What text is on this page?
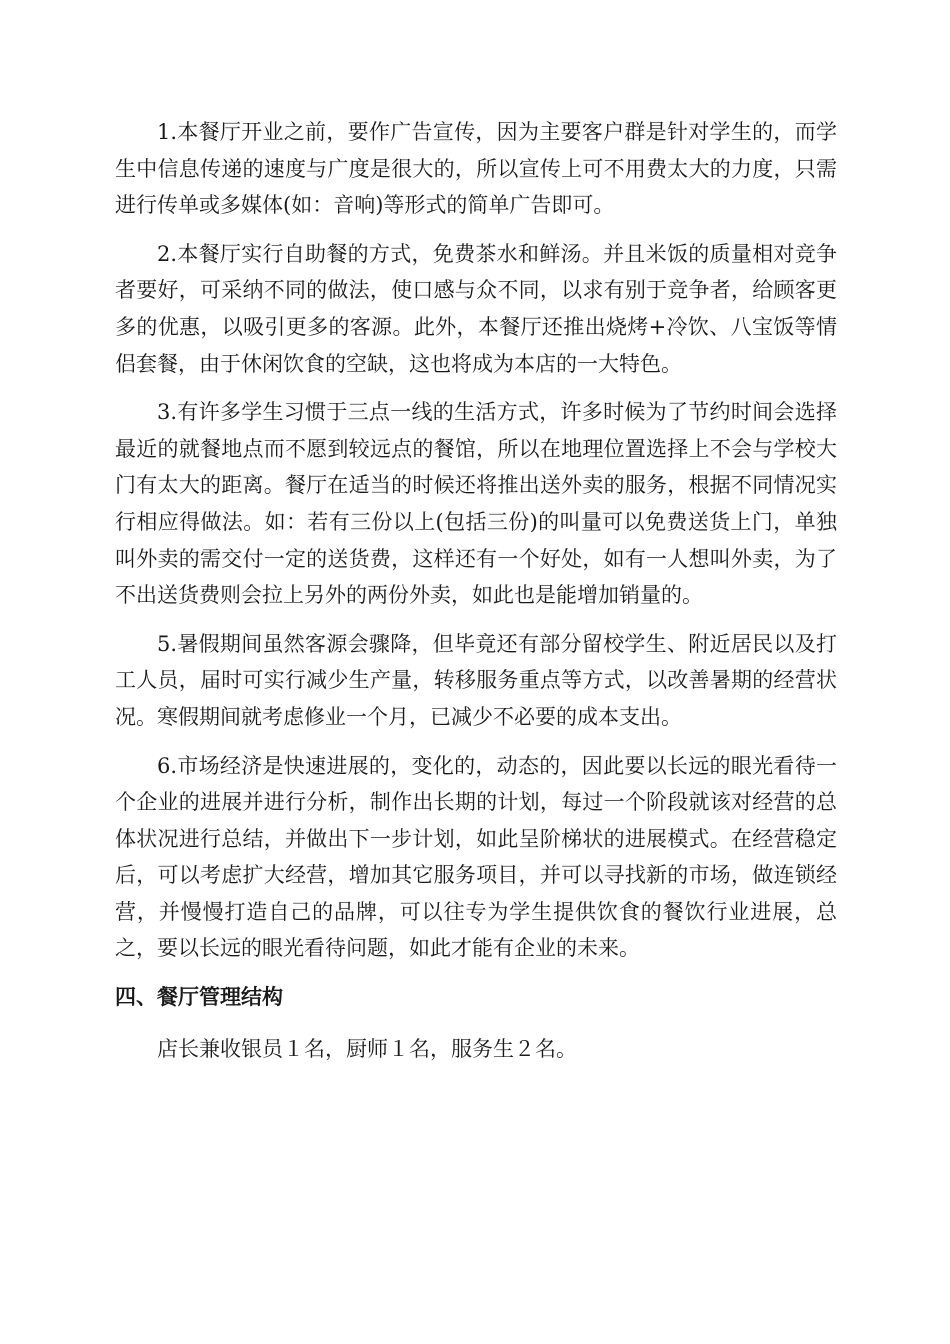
1.本餐厅开业之前，要作广告宣传，因为主要客户群是针对学生的，而学生中信息传递的速度与广度是很大的，所以宣传上可不用费太大的力度，只需进行传单或多媒体(如：音响)等形式的简单广告即可。

2.本餐厅实行自助餐的方式，免费茶水和鲜汤。并且米饭的质量相对竞争者要好，可采纳不同的做法，使口感与众不同，以求有别于竞争者，给顾客更多的优惠，以吸引更多的客源。此外，本餐厅还推出烧烤+冷饮、八宝饭等情侣套餐，由于休闲饮食的空缺，这也将成为本店的一大特色。

3.有许多学生习惯于三点一线的生活方式，许多时候为了节约时间会选择最近的就餐地点而不愿到较远点的餐馆，所以在地理位置选择上不会与学校大门有太大的距离。餐厅在适当的时候还将推出送外卖的服务，根据不同情况实行相应得做法。如：若有三份以上(包括三份)的叫量可以免费送货上门，单独叫外卖的需交付一定的送货费，这样还有一个好处，如有一人想叫外卖，为了不出送货费则会拉上另外的两份外卖，如此也是能增加销量的。

5.暑假期间虽然客源会骤降，但毕竟还有部分留校学生、附近居民以及打工人员，届时可实行减少生产量，转移服务重点等方式，以改善暑期的经营状况。寒假期间就考虑修业一个月，已减少不必要的成本支出。

6.市场经济是快速进展的，变化的，动态的，因此要以长远的眼光看待一个企业的进展并进行分析，制作出长期的计划，每过一个阶段就该对经营的总体状况进行总结，并做出下一步计划，如此呈阶梯状的进展模式。在经营稳定后，可以考虑扩大经营，增加其它服务项目，并可以寻找新的市场，做连锁经营，并慢慢打造自己的品牌，可以往专为学生提供饮食的餐饮行业进展，总之，要以长远的眼光看待问题，如此才能有企业的未来。

四、餐厅管理结构

店长兼收银员１名，厨师１名，服务生２名。
